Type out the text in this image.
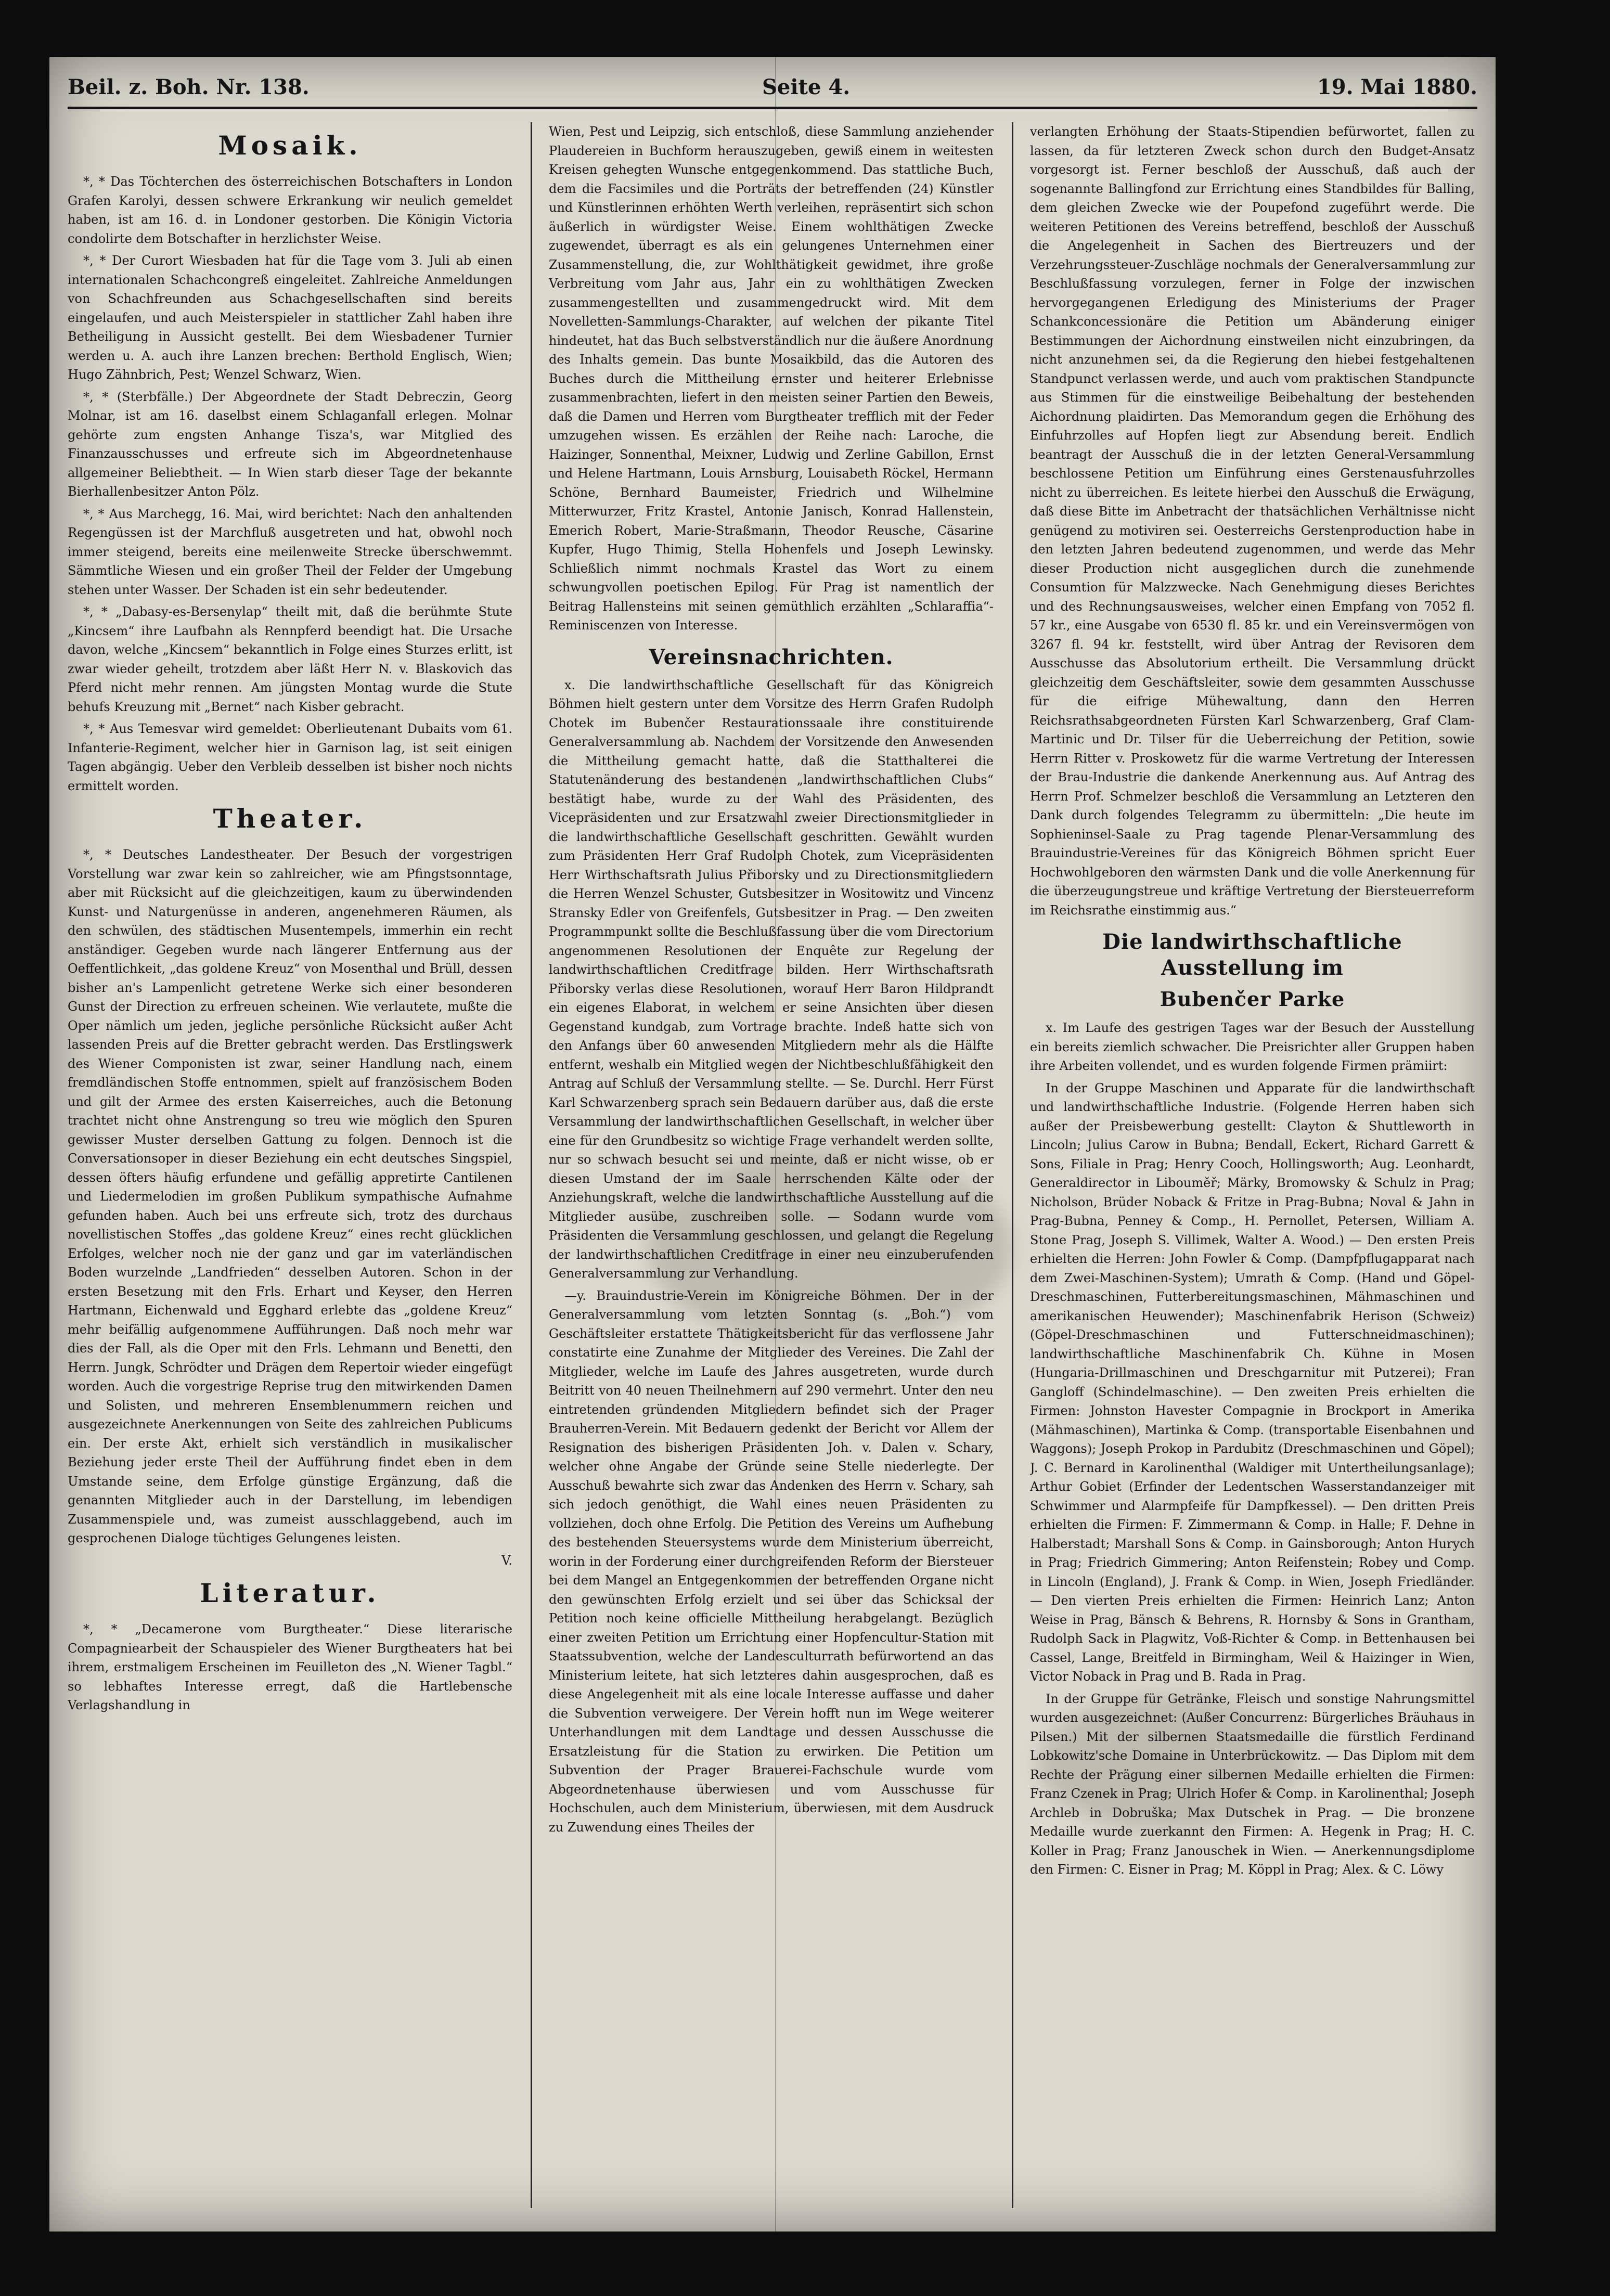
Beil. z. Boh. Nr. 138.	Seite 4.	19. Mai 1880.
Mosaik.

*, * Das Töchterchen des österreichischen Botschafters in London Grafen Karolyi, dessen schwere Erkrankung wir neulich gemeldet haben, ist am 16. d. in Londoner gestorben. Die Königin Victoria condolirte dem Botschafter in herzlichster Weise.

*, * Der Curort Wiesbaden hat für die Tage vom 3. Juli ab einen internationalen Schachcongreß eingeleitet. Zahlreiche Anmeldungen von Schachfreunden aus Schachgesellschaften sind bereits eingelaufen, und auch Meisterspieler in stattlicher Zahl haben ihre Betheiligung in Aussicht gestellt. Bei dem Wiesbadener Turnier werden u. A. auch ihre Lanzen brechen: Berthold Englisch, Wien; Hugo Zähnbrich, Pest; Wenzel Schwarz, Wien.

*, * (Sterbfälle.) Der Abgeordnete der Stadt Debreczin, Georg Molnar, ist am 16. daselbst einem Schlaganfall erlegen. Molnar gehörte zum engsten Anhange Tisza's, war Mitglied des Finanzausschusses und erfreute sich im Abgeordnetenhause allgemeiner Beliebtheit. — In Wien starb dieser Tage der bekannte Bierhallenbesitzer Anton Pölz.

*, * Aus Marchegg, 16. Mai, wird berichtet: Nach den anhaltenden Regengüssen ist der Marchfluß ausgetreten und hat, obwohl noch immer steigend, bereits eine meilenweite Strecke überschwemmt. Sämmtliche Wiesen und ein großer Theil der Felder der Umgebung stehen unter Wasser. Der Schaden ist ein sehr bedeutender.

*, * „Dabasy-es-Bersenylap“ theilt mit, daß die berühmte Stute „Kincsem“ ihre Laufbahn als Rennpferd beendigt hat. Die Ursache davon, welche „Kincsem“ bekanntlich in Folge eines Sturzes erlitt, ist zwar wieder geheilt, trotzdem aber läßt Herr N. v. Blaskovich das Pferd nicht mehr rennen. Am jüngsten Montag wurde die Stute behufs Kreuzung mit „Bernet“ nach Kisber gebracht.

*, * Aus Temesvar wird gemeldet: Oberlieutenant Dubaits vom 61. Infanterie-Regiment, welcher hier in Garnison lag, ist seit einigen Tagen abgängig. Ueber den Verbleib desselben ist bisher noch nichts ermittelt worden.

Theater.

*, * Deutsches Landestheater. Der Besuch der vorgestrigen Vorstellung war zwar kein so zahlreicher, wie am Pfingstsonntage, aber mit Rücksicht auf die gleichzeitigen, kaum zu überwindenden Kunst- und Naturgenüsse in anderen, angenehmeren Räumen, als den schwülen, des städtischen Musentempels, immerhin ein recht anständiger. Gegeben wurde nach längerer Entfernung aus der Oeffentlichkeit, „das goldene Kreuz“ von Mosenthal und Brüll, dessen bisher an's Lampenlicht getretene Werke sich einer besonderen Gunst der Direction zu erfreuen scheinen. Wie verlautete, mußte die Oper nämlich um jeden, jegliche persönliche Rücksicht außer Acht lassenden Preis auf die Bretter gebracht werden. Das Erstlingswerk des Wiener Componisten ist zwar, seiner Handlung nach, einem fremdländischen Stoffe entnommen, spielt auf französischem Boden und gilt der Armee des ersten Kaiserreiches, auch die Betonung trachtet nicht ohne Anstrengung so treu wie möglich den Spuren gewisser Muster derselben Gattung zu folgen. Dennoch ist die Conversationsoper in dieser Beziehung ein echt deutsches Singspiel, dessen öfters häufig erfundene und gefällig appretirte Cantilenen und Liedermelodien im großen Publikum sympathische Aufnahme gefunden haben. Auch bei uns erfreute sich, trotz des durchaus novellistischen Stoffes „das goldene Kreuz“ eines recht glücklichen Erfolges, welcher noch nie der ganz und gar im vaterländischen Boden wurzelnde „Landfrieden“ desselben Autoren. Schon in der ersten Besetzung mit den Frls. Erhart und Keyser, den Herren Hartmann, Eichenwald und Egghard erlebte das „goldene Kreuz“ mehr beifällig aufgenommene Aufführungen. Daß noch mehr war dies der Fall, als die Oper mit den Frls. Lehmann und Benetti, den Herrn. Jungk, Schrödter und Drägen dem Repertoir wieder eingefügt worden. Auch die vorgestrige Reprise trug den mitwirkenden Damen und Solisten, und mehreren Ensemblenummern reichen und ausgezeichnete Anerkennungen von Seite des zahlreichen Publicums ein. Der erste Akt, erhielt sich verständlich in musikalischer Beziehung jeder erste Theil der Aufführung findet eben in dem Umstande seine, dem Erfolge günstige Ergänzung, daß die genannten Mitglieder auch in der Darstellung, im lebendigen Zusammenspiele und, was zumeist ausschlaggebend, auch im gesprochenen Dialoge tüchtiges Gelungenes leisten.

V.
Literatur.

*, * „Decamerone vom Burgtheater.“ Diese literarische Compagniearbeit der Schauspieler des Wiener Burgtheaters hat bei ihrem, erstmaligem Erscheinen im Feuilleton des „N. Wiener Tagbl.“ so lebhaftes Interesse erregt, daß die Hartlebensche Verlagshandlung in

Wien, Pest und Leipzig, sich entschloß, diese Sammlung anziehender Plaudereien in Buchform herauszugeben, gewiß einem in weitesten Kreisen gehegten Wunsche entgegenkommend. Das stattliche Buch, dem die Facsimiles und die Porträts der betreffenden (24) Künstler und Künstlerinnen erhöhten Werth verleihen, repräsentirt sich schon äußerlich in würdigster Weise. Einem wohlthätigen Zwecke zugewendet, überragt es als ein gelungenes Unternehmen einer Zusammenstellung, die, zur Wohlthätigkeit gewidmet, ihre große Verbreitung vom Jahr aus, Jahr ein zu wohlthätigen Zwecken zusammengestellten und zusammengedruckt wird. Mit dem Novelletten-Sammlungs-Charakter, auf welchen der pikante Titel hindeutet, hat das Buch selbstverständlich nur die äußere Anordnung des Inhalts gemein. Das bunte Mosaikbild, das die Autoren des Buches durch die Mittheilung ernster und heiterer Erlebnisse zusammenbrachten, liefert in den meisten seiner Partien den Beweis, daß die Damen und Herren vom Burgtheater trefflich mit der Feder umzugehen wissen. Es erzählen der Reihe nach: Laroche, die Haizinger, Sonnenthal, Meixner, Ludwig und Zerline Gabillon, Ernst und Helene Hartmann, Louis Arnsburg, Louisabeth Röckel, Hermann Schöne, Bernhard Baumeister, Friedrich und Wilhelmine Mitterwurzer, Fritz Krastel, Antonie Janisch, Konrad Hallenstein, Emerich Robert, Marie-Straßmann, Theodor Reusche, Cäsarine Kupfer, Hugo Thimig, Stella Hohenfels und Joseph Lewinsky. Schließlich nimmt nochmals Krastel das Wort zu einem schwungvollen poetischen Epilog. Für Prag ist namentlich der Beitrag Hallensteins mit seinen gemüthlich erzählten „Schlaraffia“-Reminiscenzen von Interesse.

Vereinsnachrichten.

x. Die landwirthschaftliche Gesellschaft für das Königreich Böhmen hielt gestern unter dem Vorsitze des Herrn Grafen Rudolph Chotek im Bubenčer Restaurationssaale ihre constituirende Generalversammlung ab. Nachdem der Vorsitzende den Anwesenden die Mittheilung gemacht hatte, daß die Statthalterei die Statutenänderung des bestandenen „landwirthschaftlichen Clubs“ bestätigt habe, wurde zu der Wahl des Präsidenten, des Vicepräsidenten und zur Ersatzwahl zweier Directionsmitglieder in die landwirthschaftliche Gesellschaft geschritten. Gewählt wurden zum Präsidenten Herr Graf Rudolph Chotek, zum Vicepräsidenten Herr Wirthschaftsrath Julius Přiborsky und zu Directionsmitgliedern die Herren Wenzel Schuster, Gutsbesitzer in Wositowitz und Vincenz Stransky Edler von Greifenfels, Gutsbesitzer in Prag. — Den zweiten Programmpunkt sollte die Beschlußfassung über die vom Directorium angenommenen Resolutionen der Enquête zur Regelung der landwirthschaftlichen Creditfrage bilden. Herr Wirthschaftsrath Přiborsky verlas diese Resolutionen, worauf Herr Baron Hildprandt ein eigenes Elaborat, in welchem er seine Ansichten über diesen Gegenstand kundgab, zum Vortrage brachte. Indeß hatte sich von den Anfangs über 60 anwesenden Mitgliedern mehr als die Hälfte entfernt, weshalb ein Mitglied wegen der Nichtbeschlußfähigkeit den Antrag auf Schluß der Versammlung stellte. — Se. Durchl. Herr Fürst Karl Schwarzenberg sprach sein Bedauern darüber aus, daß die erste Versammlung der landwirthschaftlichen Gesellschaft, in welcher über eine für den Grundbesitz so wichtige Frage verhandelt werden sollte, nur so schwach besucht sei und meinte, daß er nicht wisse, ob er diesen Umstand der im Saale herrschenden Kälte oder der Anziehungskraft, welche die landwirthschaftliche Ausstellung auf die Mitglieder ausübe, zuschreiben solle. — Sodann wurde vom Präsidenten die Versammlung geschlossen, und gelangt die Regelung der landwirthschaftlichen Creditfrage in einer neu einzuberufenden Generalversammlung zur Verhandlung.

—y. Brauindustrie-Verein im Königreiche Böhmen. Der in der Generalversammlung vom letzten Sonntag (s. „Boh.“) vom Geschäftsleiter erstattete Thätigkeitsbericht für das verflossene Jahr constatirte eine Zunahme der Mitglieder des Vereines. Die Zahl der Mitglieder, welche im Laufe des Jahres ausgetreten, wurde durch Beitritt von 40 neuen Theilnehmern auf 290 vermehrt. Unter den neu eintretenden gründenden Mitgliedern befindet sich der Prager Brauherren-Verein. Mit Bedauern gedenkt der Bericht vor Allem der Resignation des bisherigen Präsidenten Joh. v. Dalen v. Schary, welcher ohne Angabe der Gründe seine Stelle niederlegte. Der Ausschuß bewahrte sich zwar das Andenken des Herrn v. Schary, sah sich jedoch genöthigt, die Wahl eines neuen Präsidenten zu vollziehen, doch ohne Erfolg. Die Petition des Vereins um Aufhebung des bestehenden Steuersystems wurde dem Ministerium überreicht, worin in der Forderung einer durchgreifenden Reform der Biersteuer bei dem Mangel an Entgegenkommen der betreffenden Organe nicht den gewünschten Erfolg erzielt und sei über das Schicksal der Petition noch keine officielle Mittheilung herabgelangt. Bezüglich einer zweiten Petition um Errichtung einer Hopfencultur-Station mit Staatssubvention, welche der Landesculturrath befürwortend an das Ministerium leitete, hat sich letzteres dahin ausgesprochen, daß es diese Angelegenheit mit als eine locale Interesse auffasse und daher die Subvention verweigere. Der Verein hofft nun im Wege weiterer Unterhandlungen mit dem Landtage und dessen Ausschusse die Ersatzleistung für die Station zu erwirken. Die Petition um Subvention der Prager Brauerei-Fachschule wurde vom Abgeordnetenhause überwiesen und vom Ausschusse für Hochschulen, auch dem Ministerium, überwiesen, mit dem Ausdruck zu Zuwendung eines Theiles der

verlangten Erhöhung der Staats-Stipendien befürwortet, fallen zu lassen, da für letzteren Zweck schon durch den Budget-Ansatz vorgesorgt ist. Ferner beschloß der Ausschuß, daß auch der sogenannte Ballingfond zur Errichtung eines Standbildes für Balling, dem gleichen Zwecke wie der Poupefond zugeführt werde. Die weiteren Petitionen des Vereins betreffend, beschloß der Ausschuß die Angelegenheit in Sachen des Biertreuzers und der Verzehrungssteuer-Zuschläge nochmals der Generalversammlung zur Beschlußfassung vorzulegen, ferner in Folge der inzwischen hervorgegangenen Erledigung des Ministeriums der Prager Schankconcessionäre die Petition um Abänderung einiger Bestimmungen der Aichordnung einstweilen nicht einzubringen, da nicht anzunehmen sei, da die Regierung den hiebei festgehaltenen Standpunct verlassen werde, und auch vom praktischen Standpuncte aus Stimmen für die einstweilige Beibehaltung der bestehenden Aichordnung plaidirten. Das Memorandum gegen die Erhöhung des Einfuhrzolles auf Hopfen liegt zur Absendung bereit. Endlich beantragt der Ausschuß die in der letzten General-Versammlung beschlossene Petition um Einführung eines Gerstenausfuhrzolles nicht zu überreichen. Es leitete hierbei den Ausschuß die Erwägung, daß diese Bitte im Anbetracht der thatsächlichen Verhältnisse nicht genügend zu motiviren sei. Oesterreichs Gerstenproduction habe in den letzten Jahren bedeutend zugenommen, und werde das Mehr dieser Production nicht ausgeglichen durch die zunehmende Consumtion für Malzzwecke. Nach Genehmigung dieses Berichtes und des Rechnungsausweises, welcher einen Empfang von 7052 fl. 57 kr., eine Ausgabe von 6530 fl. 85 kr. und ein Vereinsvermögen von 3267 fl. 94 kr. feststellt, wird über Antrag der Revisoren dem Ausschusse das Absolutorium ertheilt. Die Versammlung drückt gleichzeitig dem Geschäftsleiter, sowie dem gesammten Ausschusse für die eifrige Mühewaltung, dann den Herren Reichsrathsabgeordneten Fürsten Karl Schwarzenberg, Graf Clam-Martinic und Dr. Tilser für die Ueberreichung der Petition, sowie Herrn Ritter v. Proskowetz für die warme Vertretung der Interessen der Brau-Industrie die dankende Anerkennung aus. Auf Antrag des Herrn Prof. Schmelzer beschloß die Versammlung an Letzteren den Dank durch folgendes Telegramm zu übermitteln: „Die heute im Sophieninsel-Saale zu Prag tagende Plenar-Versammlung des Brauindustrie-Vereines für das Königreich Böhmen spricht Euer Hochwohlgeboren den wärmsten Dank und die volle Anerkennung für die überzeugungstreue und kräftige Vertretung der Biersteuerreform im Reichsrathe einstimmig aus.“

Die landwirthschaftliche Ausstellung im
Bubenčer Parke

x. Im Laufe des gestrigen Tages war der Besuch der Ausstellung ein bereits ziemlich schwacher. Die Preisrichter aller Gruppen haben ihre Arbeiten vollendet, und es wurden folgende Firmen prämiirt:

In der Gruppe Maschinen und Apparate für die landwirthschaft und landwirthschaftliche Industrie. (Folgende Herren haben sich außer der Preisbewerbung gestellt: Clayton & Shuttleworth in Lincoln; Julius Carow in Bubna; Bendall, Eckert, Richard Garrett & Sons, Filiale in Prag; Henry Cooch, Hollingsworth; Aug. Leonhardt, Generaldirector in Libouměř; Märky, Bromowsky & Schulz in Prag; Nicholson, Brüder Noback & Fritze in Prag-Bubna; Noval & Jahn in Prag-Bubna, Penney & Comp., H. Pernollet, Petersen, William A. Stone Prag, Joseph S. Villimek, Walter A. Wood.) — Den ersten Preis erhielten die Herren: John Fowler & Comp. (Dampfpflugapparat nach dem Zwei-Maschinen-System); Umrath & Comp. (Hand und Göpel-Dreschmaschinen, Futterbereitungsmaschinen, Mähmaschinen und amerikanischen Heuwender); Maschinenfabrik Herison (Schweiz) (Göpel-Dreschmaschinen und Futterschneidmaschinen); landwirthschaftliche Maschinenfabrik Ch. Kühne in Mosen (Hungaria-Drillmaschinen und Dreschgarnitur mit Putzerei); Fran Gangloff (Schindelmaschine). — Den zweiten Preis erhielten die Firmen: Johnston Havester Compagnie in Brockport in Amerika (Mähmaschinen), Martinka & Comp. (transportable Eisenbahnen und Waggons); Joseph Prokop in Pardubitz (Dreschmaschinen und Göpel); J. C. Bernard in Karolinenthal (Waldiger mit Untertheilungsanlage); Arthur Gobiet (Erfinder der Ledentschen Wasserstandanzeiger mit Schwimmer und Alarmpfeife für Dampfkessel). — Den dritten Preis erhielten die Firmen: F. Zimmermann & Comp. in Halle; F. Dehne in Halberstadt; Marshall Sons & Comp. in Gainsborough; Anton Hurych in Prag; Friedrich Gimmering; Anton Reifenstein; Robey und Comp. in Lincoln (England), J. Frank & Comp. in Wien, Joseph Friedländer. — Den vierten Preis erhielten die Firmen: Heinrich Lanz; Anton Weise in Prag, Bänsch & Behrens, R. Hornsby & Sons in Grantham, Rudolph Sack in Plagwitz, Voß-Richter & Comp. in Bettenhausen bei Cassel, Lange, Breitfeld in Birmingham, Weil & Haizinger in Wien, Victor Noback in Prag und B. Rada in Prag.

In der Gruppe für Getränke, Fleisch und sonstige Nahrungsmittel wurden ausgezeichnet: (Außer Concurrenz: Bürgerliches Bräuhaus in Pilsen.) Mit der silbernen Staatsmedaille die fürstlich Ferdinand Lobkowitz'sche Domaine in Unterbrückowitz. — Das Diplom mit dem Rechte der Prägung einer silbernen Medaille erhielten die Firmen: Franz Czenek in Prag; Ulrich Hofer & Comp. in Karolinenthal; Joseph Archleb in Dobruška; Max Dutschek in Prag. — Die bronzene Medaille wurde zuerkannt den Firmen: A. Hegenk in Prag; H. C. Koller in Prag; Franz Janouschek in Wien. — Anerkennungsdiplome den Firmen: C. Eisner in Prag; M. Köppl in Prag; Alex. & C. Löwy
